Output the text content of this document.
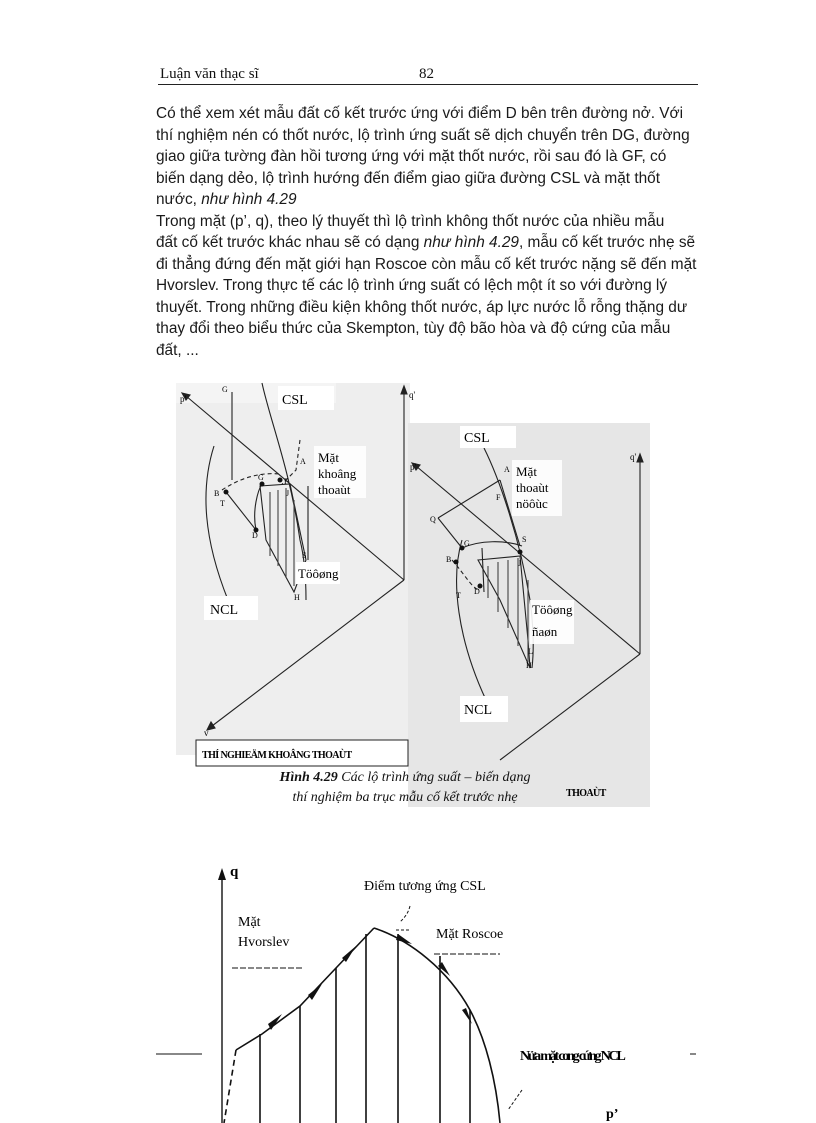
Luận văn thạc sĩ	82
Có thể xem xét mẫu đất cố kết trước ứng với điểm D bên trên đường nở. Với
thí nghiệm nén có thốt nước, lộ trình ứng suất sẽ dịch chuyển trên DG, đường
giao giữa tường đàn hồi tương ứng với mặt thốt nước, rồi sau đó là GF, có
biến dạng dẻo, lộ trình hướng đến điểm giao giữa đường CSL và mặt thốt
nước, như hình 4.29
Trong mặt (p’, q), theo lý thuyết thì lộ trình không thốt nước của nhiều mẫu
đất cố kết trước khác nhau sẽ có dạng như hình 4.29, mẫu cố kết trước nhẹ sẽ
đi thẳng đứng đến mặt giới hạn Roscoe còn mẫu cố kết trước nặng sẽ đến mặt
Hvorslev. Trong thực tế các lộ trình ứng suất có lệch một ít so với đường lý
thuyết. Trong những điều kiện không thốt nước, áp lực nước lỗ rỗng thặng dư
thay đổi theo biểu thức của Skempton, tùy độ bão hòa và độ cứng của mẫu
đất, ...
p'	q'
v
CSL
NCL
Mặt
khoâng
thoaùt
Töôøng
G
B
T
G	F
J
D
A
S
H
THÍ NGHIEÄM KHOÂNG THOAÙT
p'
q'
CSL
NCL
Mặt
thoaùt
nöôùc
Töôøng
ñaøn
Q
G
A
F
S
B	J
T D
L
H
THOAÙT
Hình 4.29 Các lộ trình ứng suất – biến dạng
thí nghiệm ba trục mẫu cố kết trước nhẹ
q
Điểm tương ứng CSL
Mặt
Hvorslev
Mặt Roscoe
Nửa mặt cong cứng NCL
p’
